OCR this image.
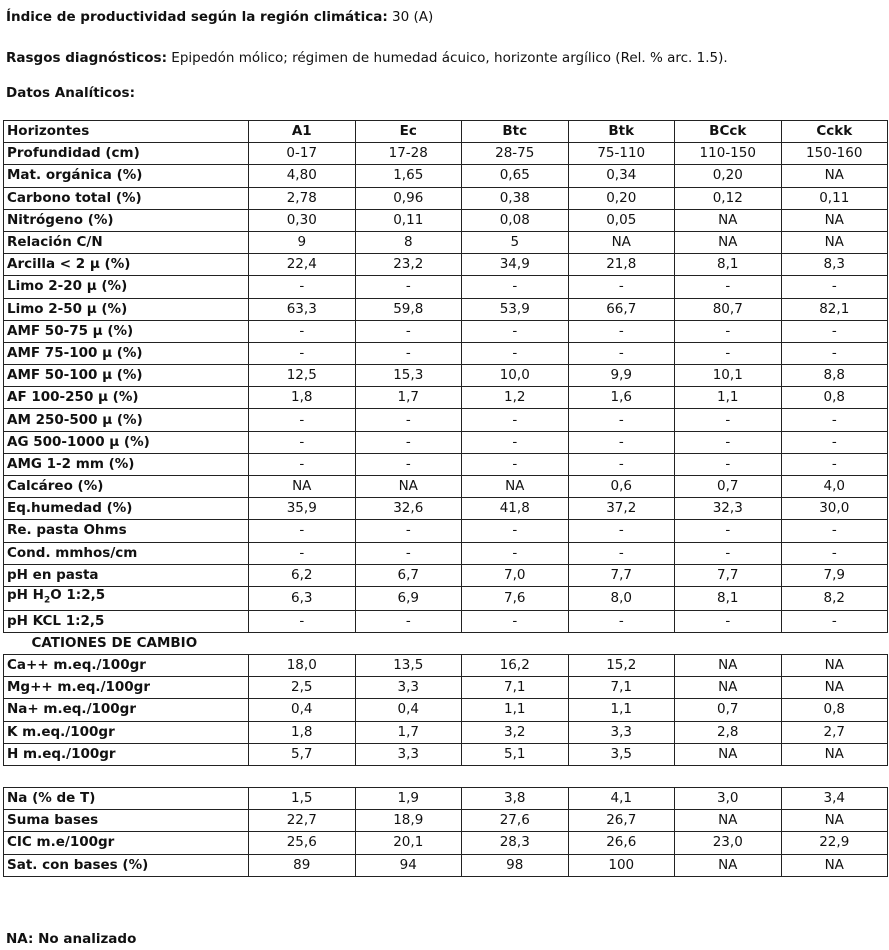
Índice de productividad según la región climática: 30 (A)
Rasgos diagnósticos: Epipedón mólico; régimen de humedad ácuico, horizonte argílico (Rel. % arc. 1.5).
Datos Analíticos:
Horizontes	A1	Ec	Btc	Btk	BCck	Cckk
Profundidad (cm)	0-17	17-28	28-75	75-110	110-150	150-160
Mat. orgánica (%)	4,80	1,65	0,65	0,34	0,20	NA
Carbono total (%)	2,78	0,96	0,38	0,20	0,12	0,11
Nitrógeno (%)	0,30	0,11	0,08	0,05	NA	NA
Relación C/N	9	8	5	NA	NA	NA
Arcilla < 2 μ (%)	22,4	23,2	34,9	21,8	8,1	8,3
Limo 2-20 μ (%)	-	-	-	-	-	-
Limo 2-50 μ (%)	63,3	59,8	53,9	66,7	80,7	82,1
AMF 50-75 μ (%)	-	-	-	-	-	-
AMF 75-100 μ (%)	-	-	-	-	-	-
AMF 50-100 μ (%)	12,5	15,3	10,0	9,9	10,1	8,8
AF 100-250 μ (%)	1,8	1,7	1,2	1,6	1,1	0,8
AM 250-500 μ (%)	-	-	-	-	-	-
AG 500-1000 μ (%)	-	-	-	-	-	-
AMG 1-2 mm (%)	-	-	-	-	-	-
Calcáreo (%)	NA	NA	NA	0,6	0,7	4,0
Eq.humedad (%)	35,9	32,6	41,8	37,2	32,3	30,0
Re. pasta Ohms	-	-	-	-	-	-
Cond. mmhos/cm	-	-	-	-	-	-
pH en pasta	6,2	6,7	7,0	7,7	7,7	7,9
pH $H_2O$ 1:2,5	6,3	6,9	7,6	8,0	8,1	8,2
pH KCL 1:2,5	-	-	-	-	-	-
CATIONES DE CAMBIO						
Ca++ m.eq./100gr	18,0	13,5	16,2	15,2	NA	NA
Mg++ m.eq./100gr	2,5	3,3	7,1	7,1	NA	NA
Na+ m.eq./100gr	0,4	0,4	1,1	1,1	0,7	0,8
K m.eq./100gr	1,8	1,7	3,2	3,3	2,8	2,7
H m.eq./100gr	5,7	3,3	5,1	3,5	NA	NA

Na (% de T)	1,5	1,9	3,8	4,1	3,0	3,4
Suma bases	22,7	18,9	27,6	26,7	NA	NA
CIC m.e/100gr	25,6	20,1	28,3	26,6	23,0	22,9
Sat. con bases (%)	89	94	98	100	NA	NA
NA: No analizado
